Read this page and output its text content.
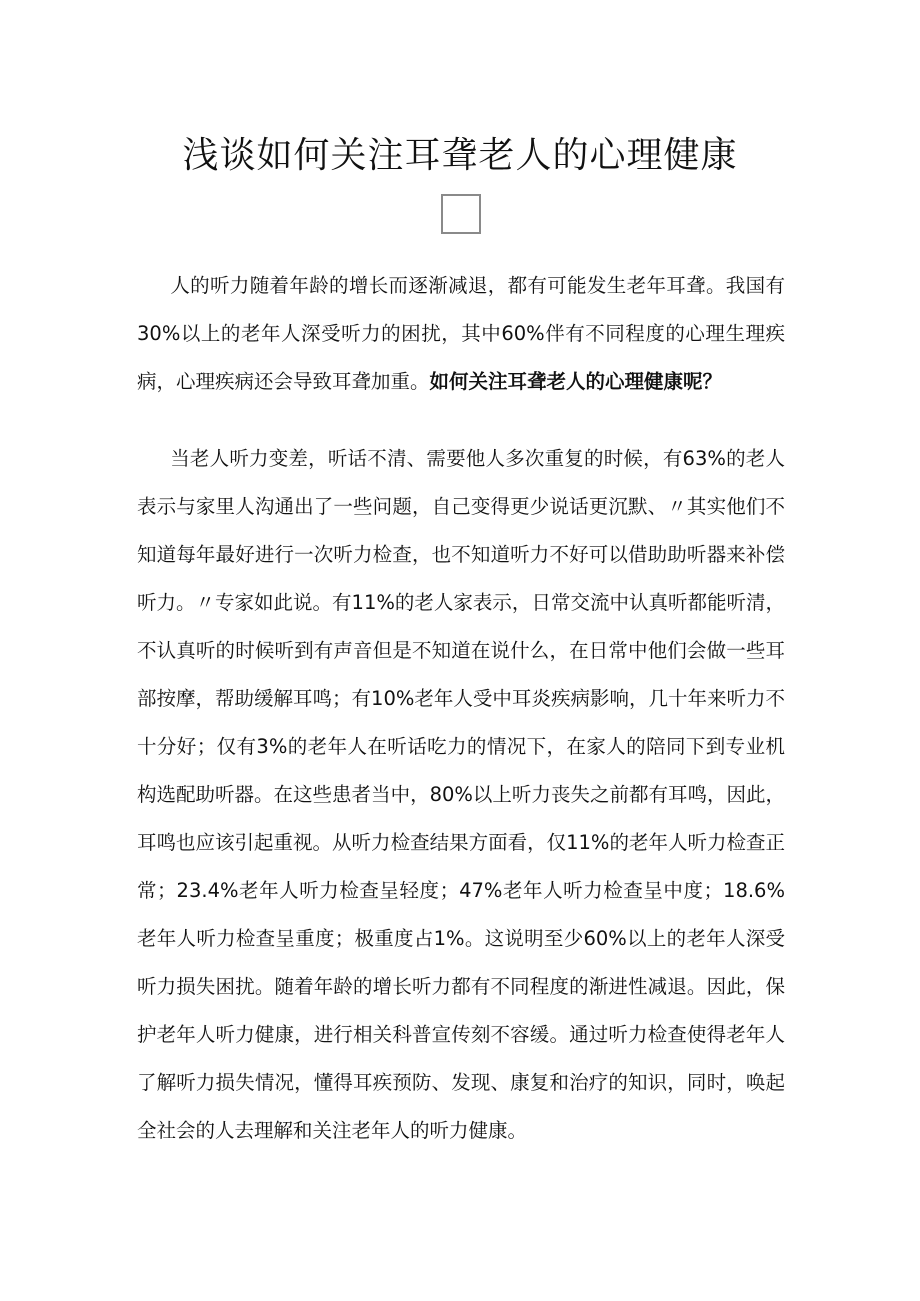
浅谈如何关注耳聋老人的心理健康

人的听力随着年龄的增长而逐渐减退，都有可能发生老年耳聋。我国有30%以上的老年人深受听力的困扰，其中60%伴有不同程度的心理生理疾病，心理疾病还会导致耳聋加重。如何关注耳聋老人的心理健康呢？

当老人听力变差，听话不清、需要他人多次重复的时候，有63%的老人表示与家里人沟通出了一些问题，自己变得更少说话更沉默、〃其实他们不知道每年最好进行一次听力检查，也不知道听力不好可以借助助听器来补偿听力。〃专家如此说。有11%的老人家表示，日常交流中认真听都能听清，不认真听的时候听到有声音但是不知道在说什么，在日常中他们会做一些耳部按摩，帮助缓解耳鸣；有10%老年人受中耳炎疾病影响，几十年来听力不十分好；仅有3%的老年人在听话吃力的情况下，在家人的陪同下到专业机构选配助听器。在这些患者当中，80%以上听力丧失之前都有耳鸣，因此，耳鸣也应该引起重视。从听力检查结果方面看，仅11%的老年人听力检查正常；23.4%老年人听力检查呈轻度；47%老年人听力检查呈中度；18.6%老年人听力检查呈重度；极重度占1%。这说明至少60%以上的老年人深受听力损失困扰。随着年龄的增长听力都有不同程度的渐进性减退。因此，保护老年人听力健康，进行相关科普宣传刻不容缓。通过听力检查使得老年人了解听力损失情况，懂得耳疾预防、发现、康复和治疗的知识，同时，唤起全社会的人去理解和关注老年人的听力健康。
